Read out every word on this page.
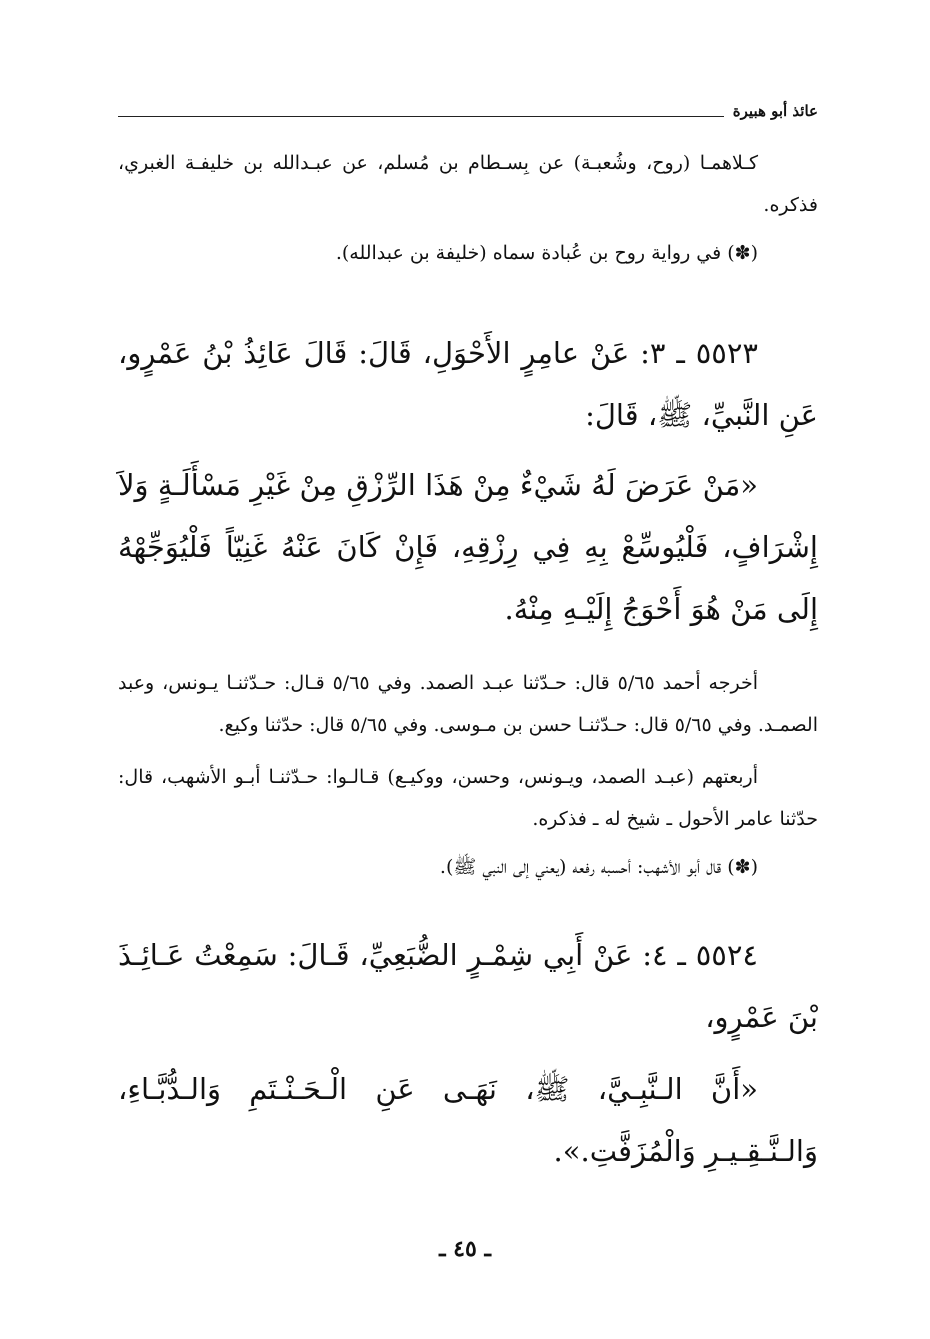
عائذ أبو هبيرة

كـلاهمـا (روح، وشُعبـة) عن بِسـطام بن مُسلم، عن عبـدالله بن خليفـة الغبري، فذكره.

(✽) في رواية روح بن عُبادة سماه (خليفة بن عبدالله).

٥٥٢٣ ـ ٣: عَنْ عامِرٍ الأَحْوَلِ، قَالَ: قَالَ عَائِذُ بْنُ عَمْرٍو، عَنِ النَّبيِّ، ﷺ، قَالَ:

«مَنْ عَرَضَ لَهُ شَيْءٌ مِنْ هَذَا الرِّزْقِ مِنْ غَيْرِ مَسْأَلَـةٍ وَلاَ إِشْرَافٍ، فَلْيُوسِّعْ بِهِ فِي رِزْقِهِ، فَإِنْ كَانَ عَنْهُ غَنِيّاً فَلْيُوَجِّهْهُ إِلَى مَنْ هُوَ أَحْوَجُ إِلَيْـهِ مِنْهُ.

أخرجه أحمد ٥/٦٥ قال: حـدّثنا عبـد الصمد. وفي ٥/٦٥ قـال: حـدّثنـا يـونس، وعبد الصمـد. وفي ٥/٦٥ قال: حـدّثنـا حسن بن مـوسى. وفي ٥/٦٥ قال: حدّثنا وكيع.

أربعتهم (عبـد الصمد، ويـونس، وحسن، ووكيـع) قـالـوا: حـدّثنـا أبـو الأشهب، قال: حدّثنا عامر الأحول ـ شيخ له ـ فذكره.

(✽) قال أبو الأشهب: أحسبه رفعه (يعني إلى النبي ﷺ).

٥٥٢٤ ـ ٤: عَنْ أَبِي شِمْـرٍ الضُّبَعِيِّ، قَـالَ: سَمِعْتُ عَـائِـذَ بْنَ عَمْرٍو،

«أَنَّ الـنَّبِـيَّ، ﷺ، نَهَـى عَنِ الْـحَـنْـتَمِ وَالـدُّبَّـاءِ، وَالـنَّـقِـيـرِ وَالْمُزَفَّتِ.».

ـ ٤٥ ـ
